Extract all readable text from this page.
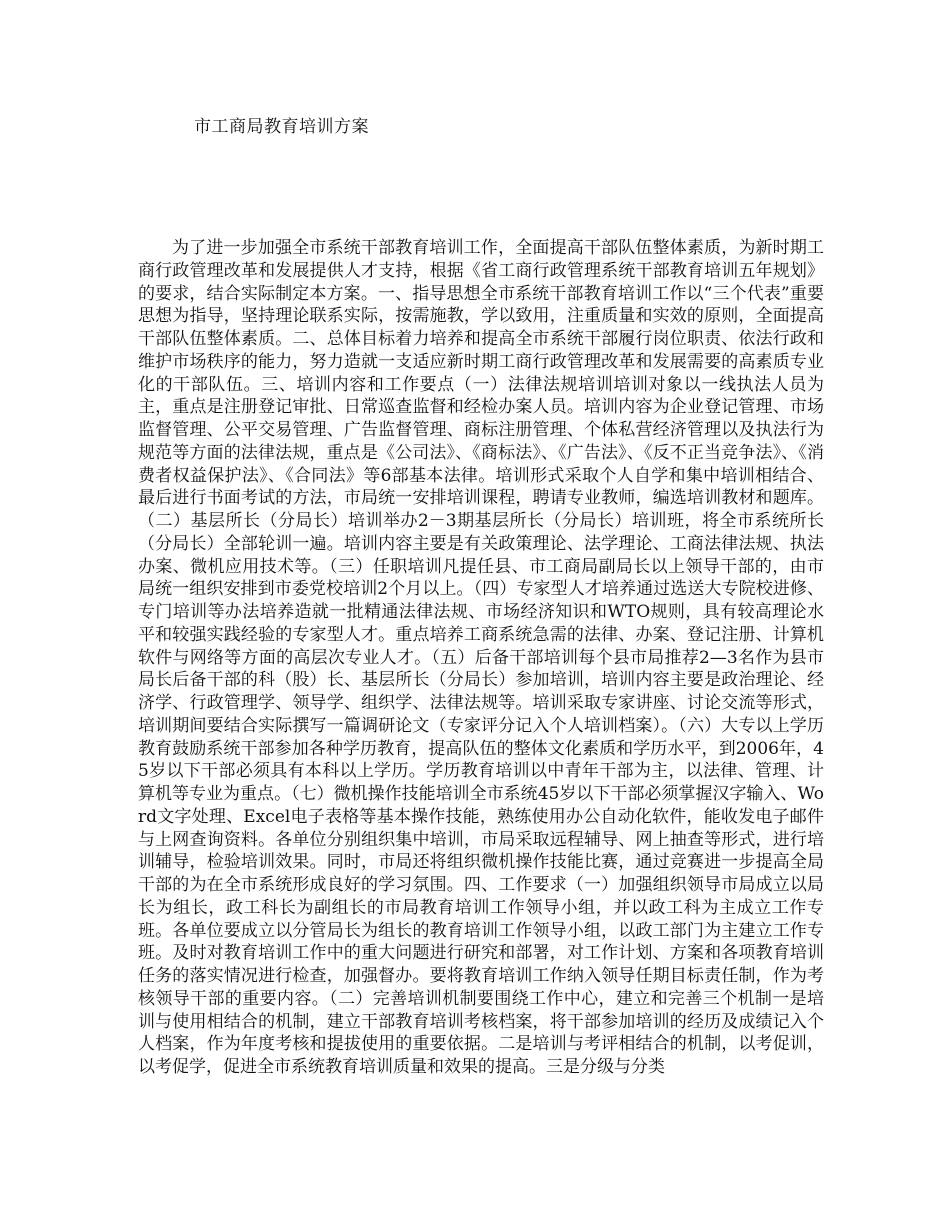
市工商局教育培训方案

为了进一步加强全市系统干部教育培训工作，全面提高干部队伍整体素质，为新时期工商行政管理改革和发展提供人才支持，根据《省工商行政管理系统干部教育培训五年规划》的要求，结合实际制定本方案。一、指导思想全市系统干部教育培训工作以“三个代表”重要思想为指导，坚持理论联系实际，按需施教，学以致用，注重质量和实效的原则，全面提高干部队伍整体素质。二、总体目标着力培养和提高全市系统干部履行岗位职责、依法行政和维护市场秩序的能力，努力造就一支适应新时期工商行政管理改革和发展需要的高素质专业化的干部队伍。三、培训内容和工作要点（一）法律法规培训培训对象以一线执法人员为主，重点是注册登记审批、日常巡查监督和经检办案人员。培训内容为企业登记管理、市场监督管理、公平交易管理、广告监督管理、商标注册管理、个体私营经济管理以及执法行为规范等方面的法律法规，重点是《公司法》、《商标法》、《广告法》、《反不正当竞争法》、《消费者权益保护法》、《合同法》等6部基本法律。培训形式采取个人自学和集中培训相结合、最后进行书面考试的方法，市局统一安排培训课程，聘请专业教师，编选培训教材和题库。（二）基层所长（分局长）培训举办2－3期基层所长（分局长）培训班，将全市系统所长（分局长）全部轮训一遍。培训内容主要是有关政策理论、法学理论、工商法律法规、执法办案、微机应用技术等。（三）任职培训凡提任县、市工商局副局长以上领导干部的，由市局统一组织安排到市委党校培训2个月以上。（四）专家型人才培养通过选送大专院校进修、专门培训等办法培养造就一批精通法律法规、市场经济知识和WTO规则，具有较高理论水平和较强实践经验的专家型人才。重点培养工商系统急需的法律、办案、登记注册、计算机软件与网络等方面的高层次专业人才。（五）后备干部培训每个县市局推荐2—3名作为县市局长后备干部的科（股）长、基层所长（分局长）参加培训，培训内容主要是政治理论、经济学、行政管理学、领导学、组织学、法律法规等。培训采取专家讲座、讨论交流等形式，培训期间要结合实际撰写一篇调研论文（专家评分记入个人培训档案）。（六）大专以上学历教育鼓励系统干部参加各种学历教育，提高队伍的整体文化素质和学历水平，到2006年，45岁以下干部必须具有本科以上学历。学历教育培训以中青年干部为主，以法律、管理、计算机等专业为重点。（七）微机操作技能培训全市系统45岁以下干部必须掌握汉字输入、Word文字处理、Excel电子表格等基本操作技能，熟练使用办公自动化软件，能收发电子邮件与上网查询资料。各单位分别组织集中培训，市局采取远程辅导、网上抽查等形式，进行培训辅导，检验培训效果。同时，市局还将组织微机操作技能比赛，通过竞赛进一步提高全局干部的为在全市系统形成良好的学习氛围。四、工作要求（一）加强组织领导市局成立以局长为组长，政工科长为副组长的市局教育培训工作领导小组，并以政工科为主成立工作专班。各单位要成立以分管局长为组长的教育培训工作领导小组，以政工部门为主建立工作专班。及时对教育培训工作中的重大问题进行研究和部署，对工作计划、方案和各项教育培训任务的落实情况进行检查，加强督办。要将教育培训工作纳入领导任期目标责任制，作为考核领导干部的重要内容。（二）完善培训机制要围绕工作中心，建立和完善三个机制一是培训与使用相结合的机制，建立干部教育培训考核档案，将干部参加培训的经历及成绩记入个人档案，作为年度考核和提拔使用的重要依据。二是培训与考评相结合的机制，以考促训，以考促学，促进全市系统教育培训质量和效果的提高。三是分级与分类
